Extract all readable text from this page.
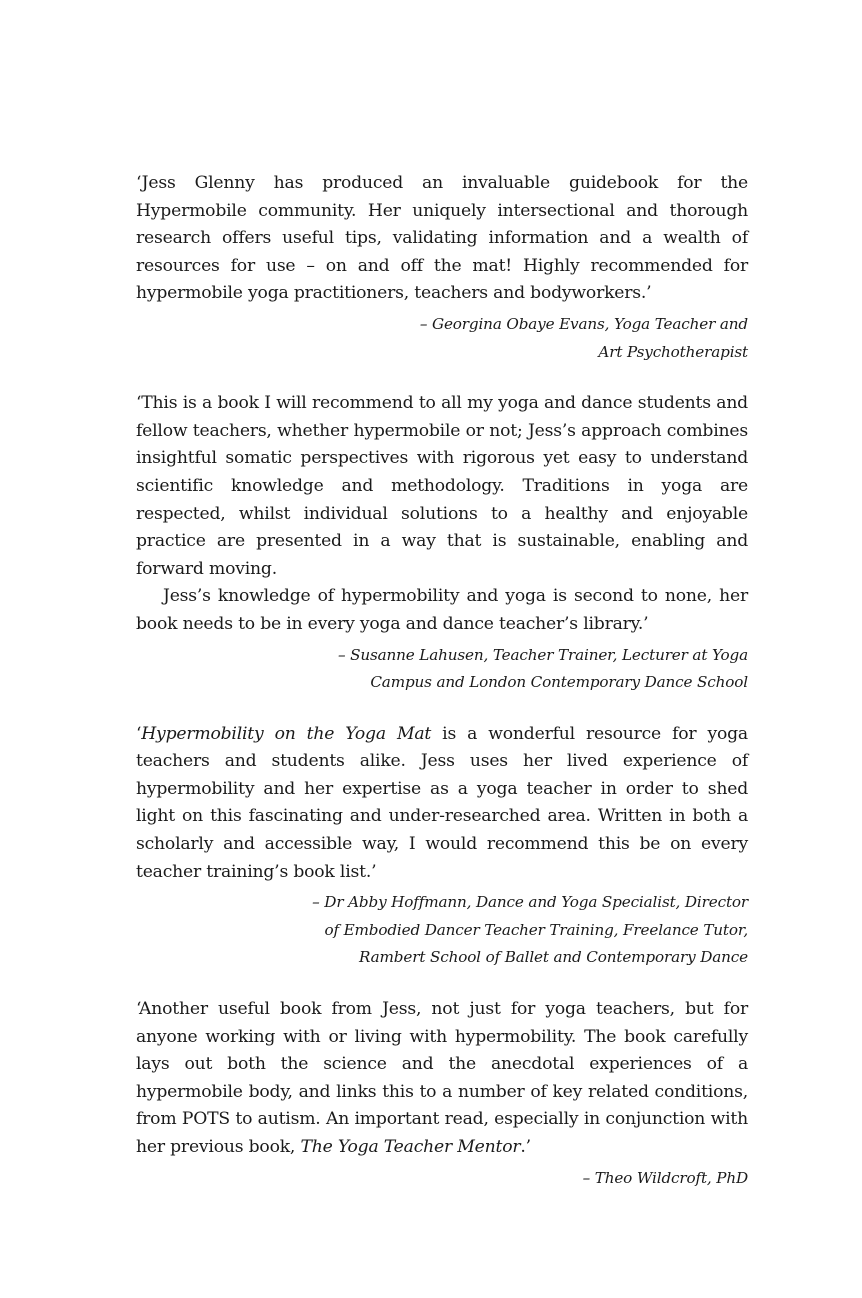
‘Jess Glenny has produced an invaluable guidebook for the Hypermobile community. Her uniquely intersectional and thorough research offers useful tips, validating information and a wealth of resources for use – on and off the mat! Highly recommended for hypermobile yoga practitioners, teachers and bodyworkers.’

– Georgina Obaye Evans, Yoga Teacher and
Art Psychotherapist

‘This is a book I will recommend to all my yoga and dance students and fellow teachers, whether hypermobile or not; Jess’s approach combines insightful somatic perspectives with rigorous yet easy to understand scientific knowledge and methodology. Traditions in yoga are respected, whilst individual solutions to a healthy and enjoyable practice are presented in a way that is sustainable, enabling and forward moving.

Jess’s knowledge of hypermobility and yoga is second to none, her book needs to be in every yoga and dance teacher’s library.’

– Susanne Lahusen, Teacher Trainer, Lecturer at Yoga
Campus and London Contemporary Dance School

‘Hypermobility on the Yoga Mat is a wonderful resource for yoga teachers and students alike. Jess uses her lived experience of hypermobility and her expertise as a yoga teacher in order to shed light on this fascinating and under-researched area. Written in both a scholarly and accessible way, I would recommend this be on every teacher training’s book list.’

– Dr Abby Hoffmann, Dance and Yoga Specialist, Director
of Embodied Dancer Teacher Training, Freelance Tutor,
Rambert School of Ballet and Contemporary Dance

‘Another useful book from Jess, not just for yoga teachers, but for anyone working with or living with hypermobility. The book carefully lays out both the science and the anecdotal experiences of a hypermobile body, and links this to a number of key related conditions, from POTS to autism. An important read, especially in conjunction with her previous book, The Yoga Teacher Mentor.’

– Theo Wildcroft, PhD
